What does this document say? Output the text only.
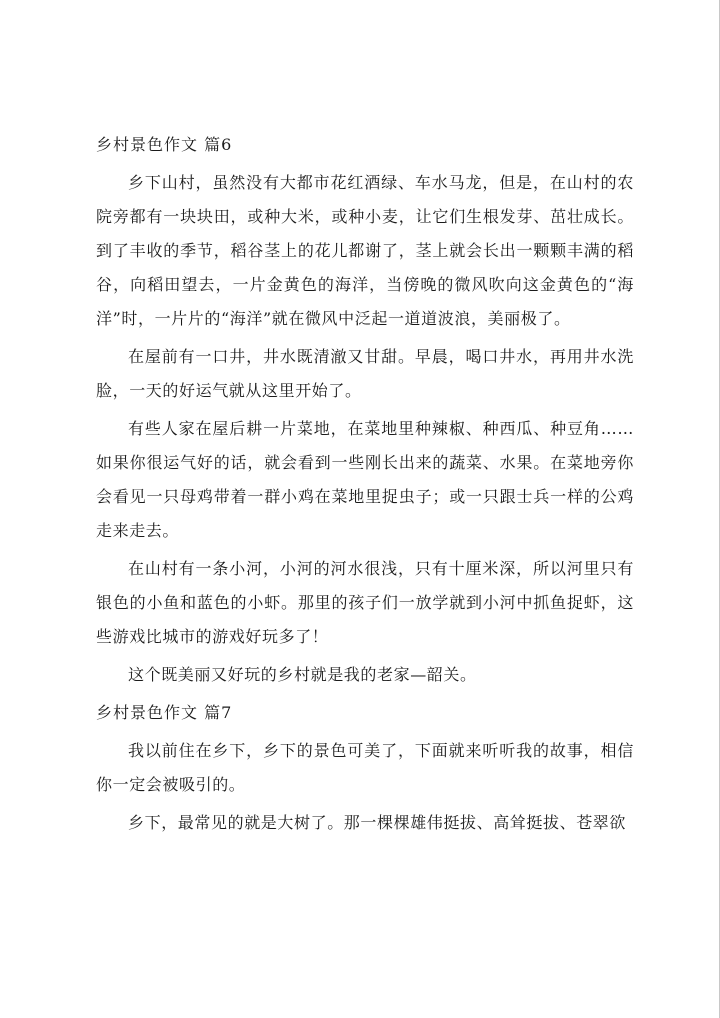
乡村景色作文 篇6

乡下山村，虽然没有大都市花红酒绿、车水马龙，但是，在山村的农院旁都有一块块田，或种大米，或种小麦，让它们生根发芽、茁壮成长。到了丰收的季节，稻谷茎上的花儿都谢了，茎上就会长出一颗颗丰满的稻谷，向稻田望去，一片金黄色的海洋，当傍晚的微风吹向这金黄色的“海洋”时，一片片的“海洋”就在微风中泛起一道道波浪，美丽极了。

在屋前有一口井，井水既清澈又甘甜。早晨，喝口井水，再用井水洗脸，一天的好运气就从这里开始了。

有些人家在屋后耕一片菜地，在菜地里种辣椒、种西瓜、种豆角……如果你很运气好的话，就会看到一些刚长出来的蔬菜、水果。在菜地旁你会看见一只母鸡带着一群小鸡在菜地里捉虫子；或一只跟士兵一样的公鸡走来走去。

在山村有一条小河，小河的河水很浅，只有十厘米深，所以河里只有银色的小鱼和蓝色的小虾。那里的孩子们一放学就到小河中抓鱼捉虾，这些游戏比城市的游戏好玩多了！

这个既美丽又好玩的乡村就是我的老家—韶关。

乡村景色作文 篇7

我以前住在乡下，乡下的景色可美了，下面就来听听我的故事，相信你一定会被吸引的。

乡下，最常见的就是大树了。那一棵棵雄伟挺拔、高耸挺拔、苍翠欲
